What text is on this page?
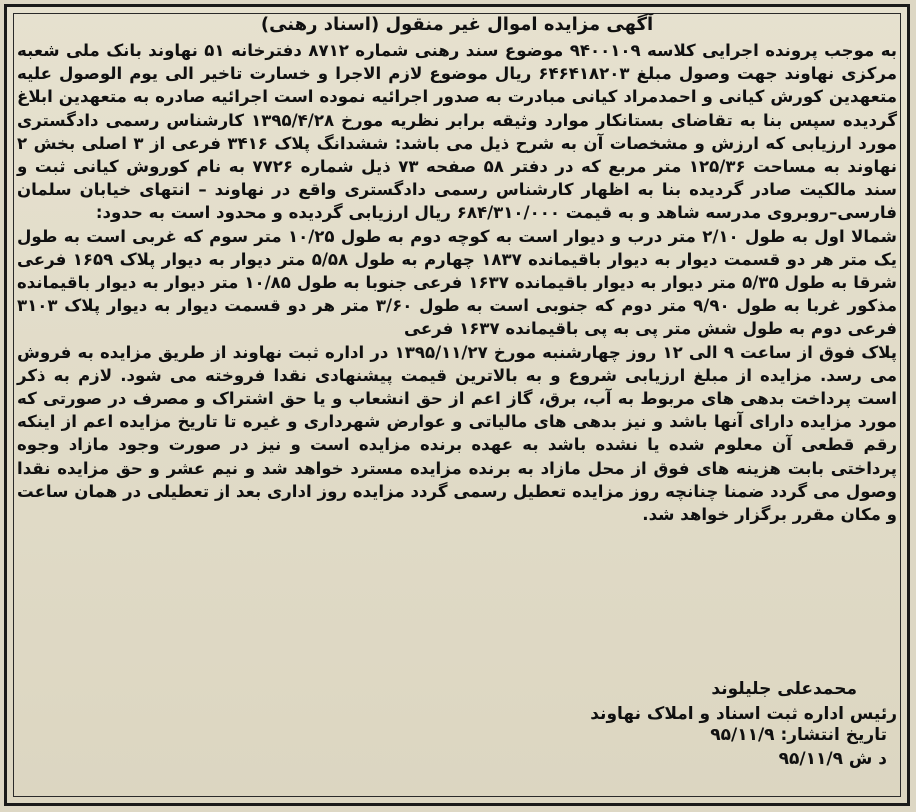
آگهی مزایده اموال غیر منقول (اسناد رهنی)

به موجب پرونده اجرایی کلاسه ۹۴۰۰۱۰۹ موضوع سند رهنی شماره ۸۷۱۲ دفترخانه ۵۱ نهاوند بانک ملی شعبه مرکزی نهاوند جهت وصول مبلغ ۶۴۶۴۱۸۲۰۳ ریال موضوع لازم الاجرا و خسارت تاخیر الی یوم الوصول علیه متعهدین کورش کیانی و احمدمراد کیانی مبادرت به صدور اجرائیه نموده است اجرائیه صادره به متعهدین ابلاغ گردیده سپس بنا به تقاضای بستانکار موارد وثیقه برابر نظریه مورخ ۱۳۹۵/۴/۲۸ کارشناس رسمی دادگستری مورد ارزیابی که ارزش و مشخصات آن به شرح ذیل می باشد: ششدانگ پلاک ۳۴۱۶ فرعی از ۳ اصلی بخش ۲ نهاوند به مساحت ۱۲۵/۳۶ متر مربع که در دفتر ۵۸ صفحه ۷۳ ذیل شماره ۷۷۲۶ به نام کوروش کیانی ثبت و سند مالکیت صادر گردیده بنا به اظهار کارشناس رسمی دادگستری واقع در نهاوند – انتهای خیابان سلمان فارسی–روبروی مدرسه شاهد و به قیمت ۶۸۴/۳۱۰/۰۰۰ ریال ارزیابی گردیده و محدود است به حدود:

شمالا اول به طول ۲/۱۰ متر درب و دیوار است به کوچه دوم به طول ۱۰/۲۵ متر سوم که غربی است به طول یک متر هر دو قسمت دیوار به دیوار باقیمانده ۱۸۳۷ چهارم به طول ۵/۵۸ متر دیوار به دیوار پلاک ۱۶۵۹ فرعی شرقا به طول ۵/۳۵ متر دیوار به دیوار باقیمانده ۱۶۳۷ فرعی جنوبا به طول ۱۰/۸۵ متر دیوار به دیوار باقیمانده مذکور غربا به طول ۹/۹۰ متر دوم که جنوبی است به طول ۳/۶۰ متر هر دو قسمت دیوار به دیوار پلاک ۳۱۰۳ فرعی دوم به طول شش متر پی به پی باقیمانده ۱۶۳۷ فرعی

پلاک فوق از ساعت ۹ الی ۱۲ روز چهارشنبه مورخ ۱۳۹۵/۱۱/۲۷ در اداره ثبت نهاوند از طریق مزایده به فروش می رسد. مزایده از مبلغ ارزیابی شروع و به بالاترین قیمت پیشنهادی نقدا فروخته می شود. لازم به ذکر است پرداخت بدهی های مربوط به آب، برق، گاز اعم از حق انشعاب و یا حق اشتراک و مصرف در صورتی که مورد مزایده دارای آنها باشد و نیز بدهی های مالیاتی و عوارض شهرداری و غیره تا تاریخ مزایده اعم از اینکه رقم قطعی آن معلوم شده یا نشده باشد به عهده برنده مزایده است و نیز در صورت وجود مازاد وجوه پرداختی بابت هزینه های فوق از محل مازاد به برنده مزایده مسترد خواهد شد و نیم عشر و حق مزایده نقدا وصول می گردد ضمنا چنانچه روز مزایده تعطیل رسمی گردد مزایده روز اداری بعد از تعطیلی در همان ساعت و مکان مقرر برگزار خواهد شد.

محمدعلی جلیلوند
رئیس اداره ثبت اسناد و املاک نهاوند
تاریخ انتشار: ۹۵/۱۱/۹
د ش ۹۵/۱۱/۹
